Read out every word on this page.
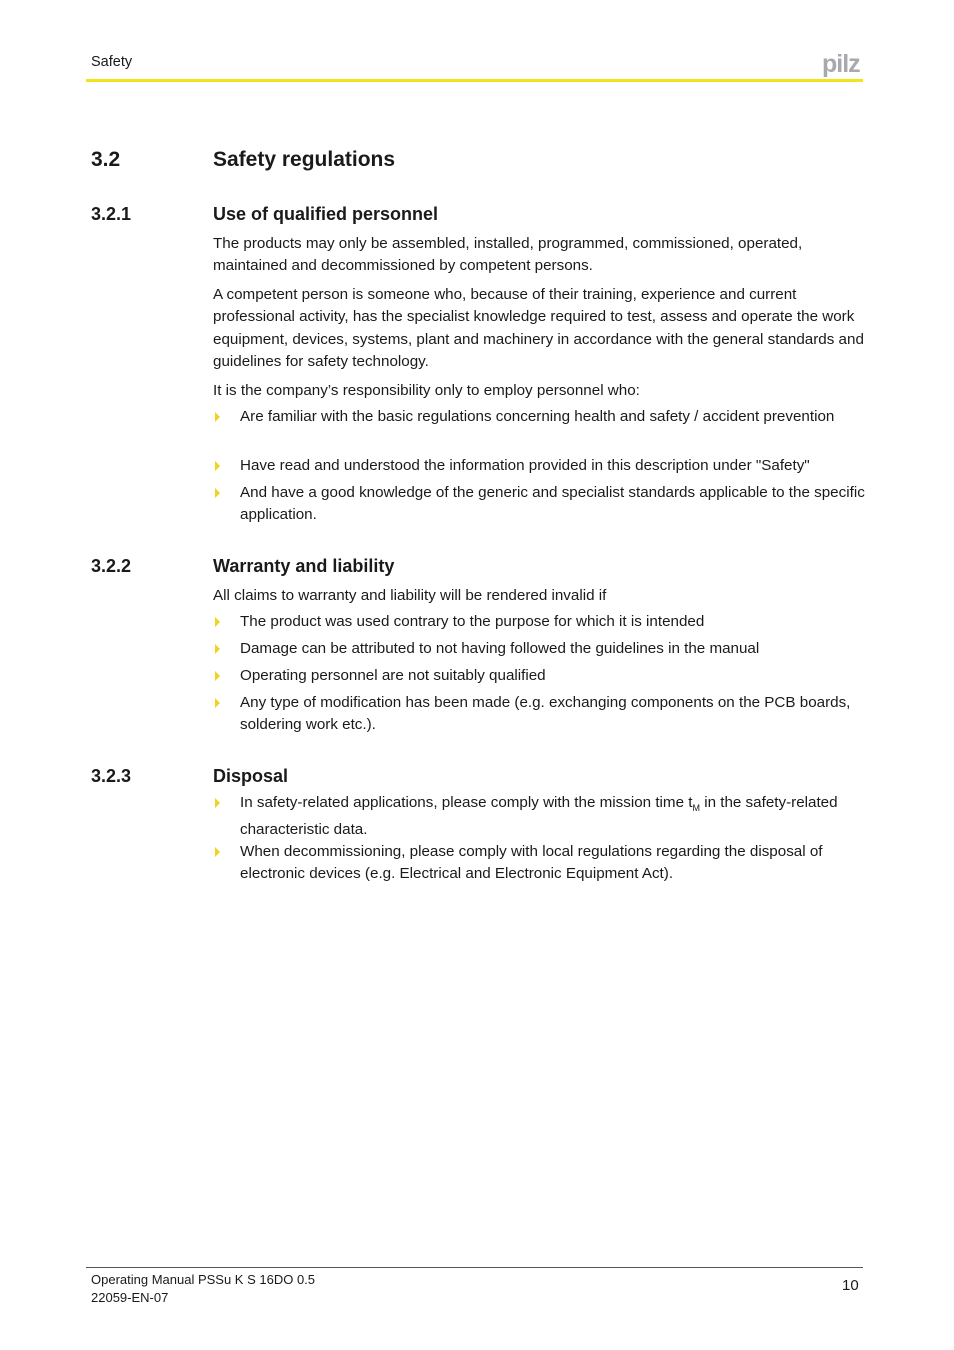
Safety	pilz
3.2	Safety regulations
3.2.1	Use of qualified personnel
The products may only be assembled, installed, programmed, commissioned, operated, maintained and decommissioned by competent persons.
A competent person is someone who, because of their training, experience and current professional activity, has the specialist knowledge required to test, assess and operate the work equipment, devices, systems, plant and machinery in accordance with the general standards and guidelines for safety technology.
It is the company’s responsibility only to employ personnel who:
Are familiar with the basic regulations concerning health and safety / accident prevention
Have read and understood the information provided in this description under "Safety"
And have a good knowledge of the generic and specialist standards applicable to the specific application.
3.2.2	Warranty and liability
All claims to warranty and liability will be rendered invalid if
The product was used contrary to the purpose for which it is intended
Damage can be attributed to not having followed the guidelines in the manual
Operating personnel are not suitably qualified
Any type of modification has been made (e.g. exchanging components on the PCB boards, soldering work etc.).
3.2.3	Disposal
In safety-related applications, please comply with the mission time $t_M$ in the safety-related characteristic data.
When decommissioning, please comply with local regulations regarding the disposal of electronic devices (e.g. Electrical and Electronic Equipment Act).
Operating Manual PSSu K S 16DO 0.5
22059-EN-07
10
